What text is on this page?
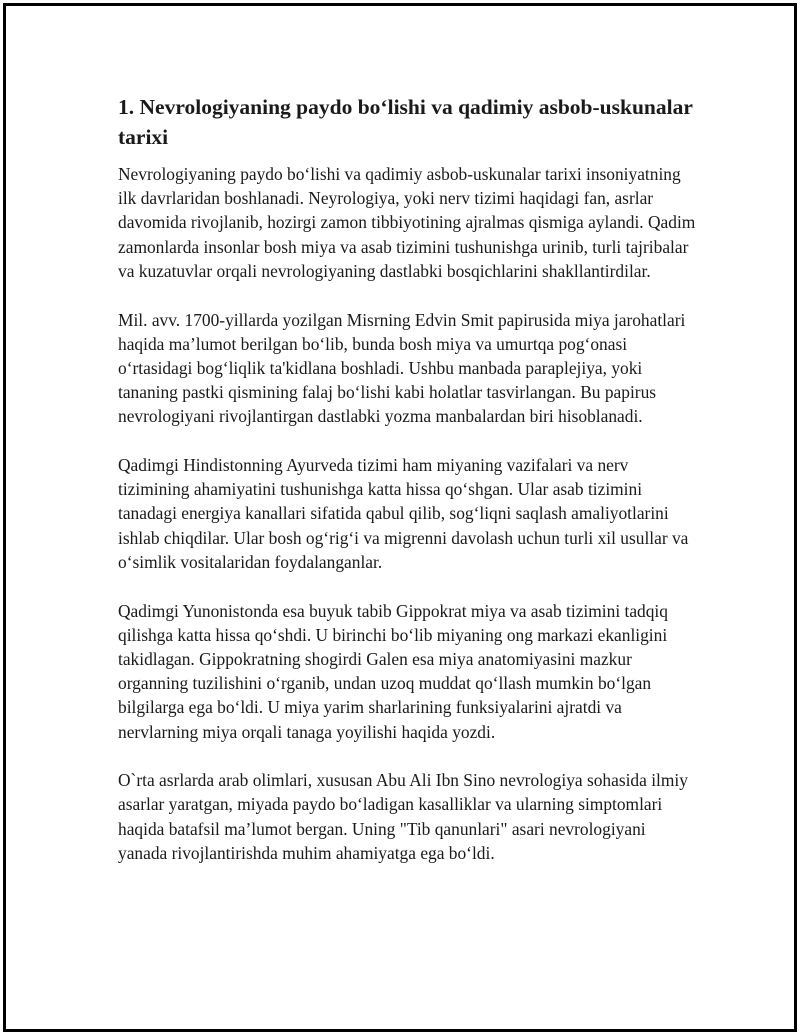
1. Nevrologiyaning paydo boʻlishi va qadimiy asbob-uskunalar tarixi

Nevrologiyaning paydo boʻlishi va qadimiy asbob-uskunalar tarixi insoniyatning ilk davrlaridan boshlanadi. Neyrologiya, yoki nerv tizimi haqidagi fan, asrlar davomida rivojlanib, hozirgi zamon tibbiyotining ajralmas qismiga aylandi. Qadim zamonlarda insonlar bosh miya va asab tizimini tushunishga urinib, turli tajribalar va kuzatuvlar orqali nevrologiyaning dastlabki bosqichlarini shakllantirdilar.

Mil. avv. 1700-yillarda yozilgan Misrning Edvin Smit papirusida miya jarohatlari haqida maʼlumot berilgan boʻlib, bunda bosh miya va umurtqa pogʻonasi oʻrtasidagi bogʻliqlik ta'kidlana boshladi. Ushbu manbada paraplejiya, yoki tananing pastki qismining falaj boʻlishi kabi holatlar tasvirlangan. Bu papirus nevrologiyani rivojlantirgan dastlabki yozma manbalardan biri hisoblanadi.

Qadimgi Hindistonning Ayurveda tizimi ham miyaning vazifalari va nerv tizimining ahamiyatini tushunishga katta hissa qoʻshgan. Ular asab tizimini tanadagi energiya kanallari sifatida qabul qilib, sogʻliqni saqlash amaliyotlarini ishlab chiqdilar. Ular bosh ogʻrigʻi va migrenni davolash uchun turli xil usullar va oʻsimlik vositalaridan foydalanganlar.

Qadimgi Yunonistonda esa buyuk tabib Gippokrat miya va asab tizimini tadqiq qilishga katta hissa qoʻshdi. U birinchi boʻlib miyaning ong markazi ekanligini takidlagan. Gippokratning shogirdi Galen esa miya anatomiyasini mazkur organning tuzilishini oʻrganib, undan uzoq muddat qoʻllash mumkin boʻlgan bilgilarga ega boʻldi. U miya yarim sharlarining funksiyalarini ajratdi va nervlarning miya orqali tanaga yoyilishi haqida yozdi.

O`rta asrlarda arab olimlari, xususan Abu Ali Ibn Sino nevrologiya sohasida ilmiy asarlar yaratgan, miyada paydo boʻladigan kasalliklar va ularning simptomlari haqida batafsil maʼlumot bergan. Uning "Tib qanunlari" asari nevrologiyani yanada rivojlantirishda muhim ahamiyatga ega boʻldi.
